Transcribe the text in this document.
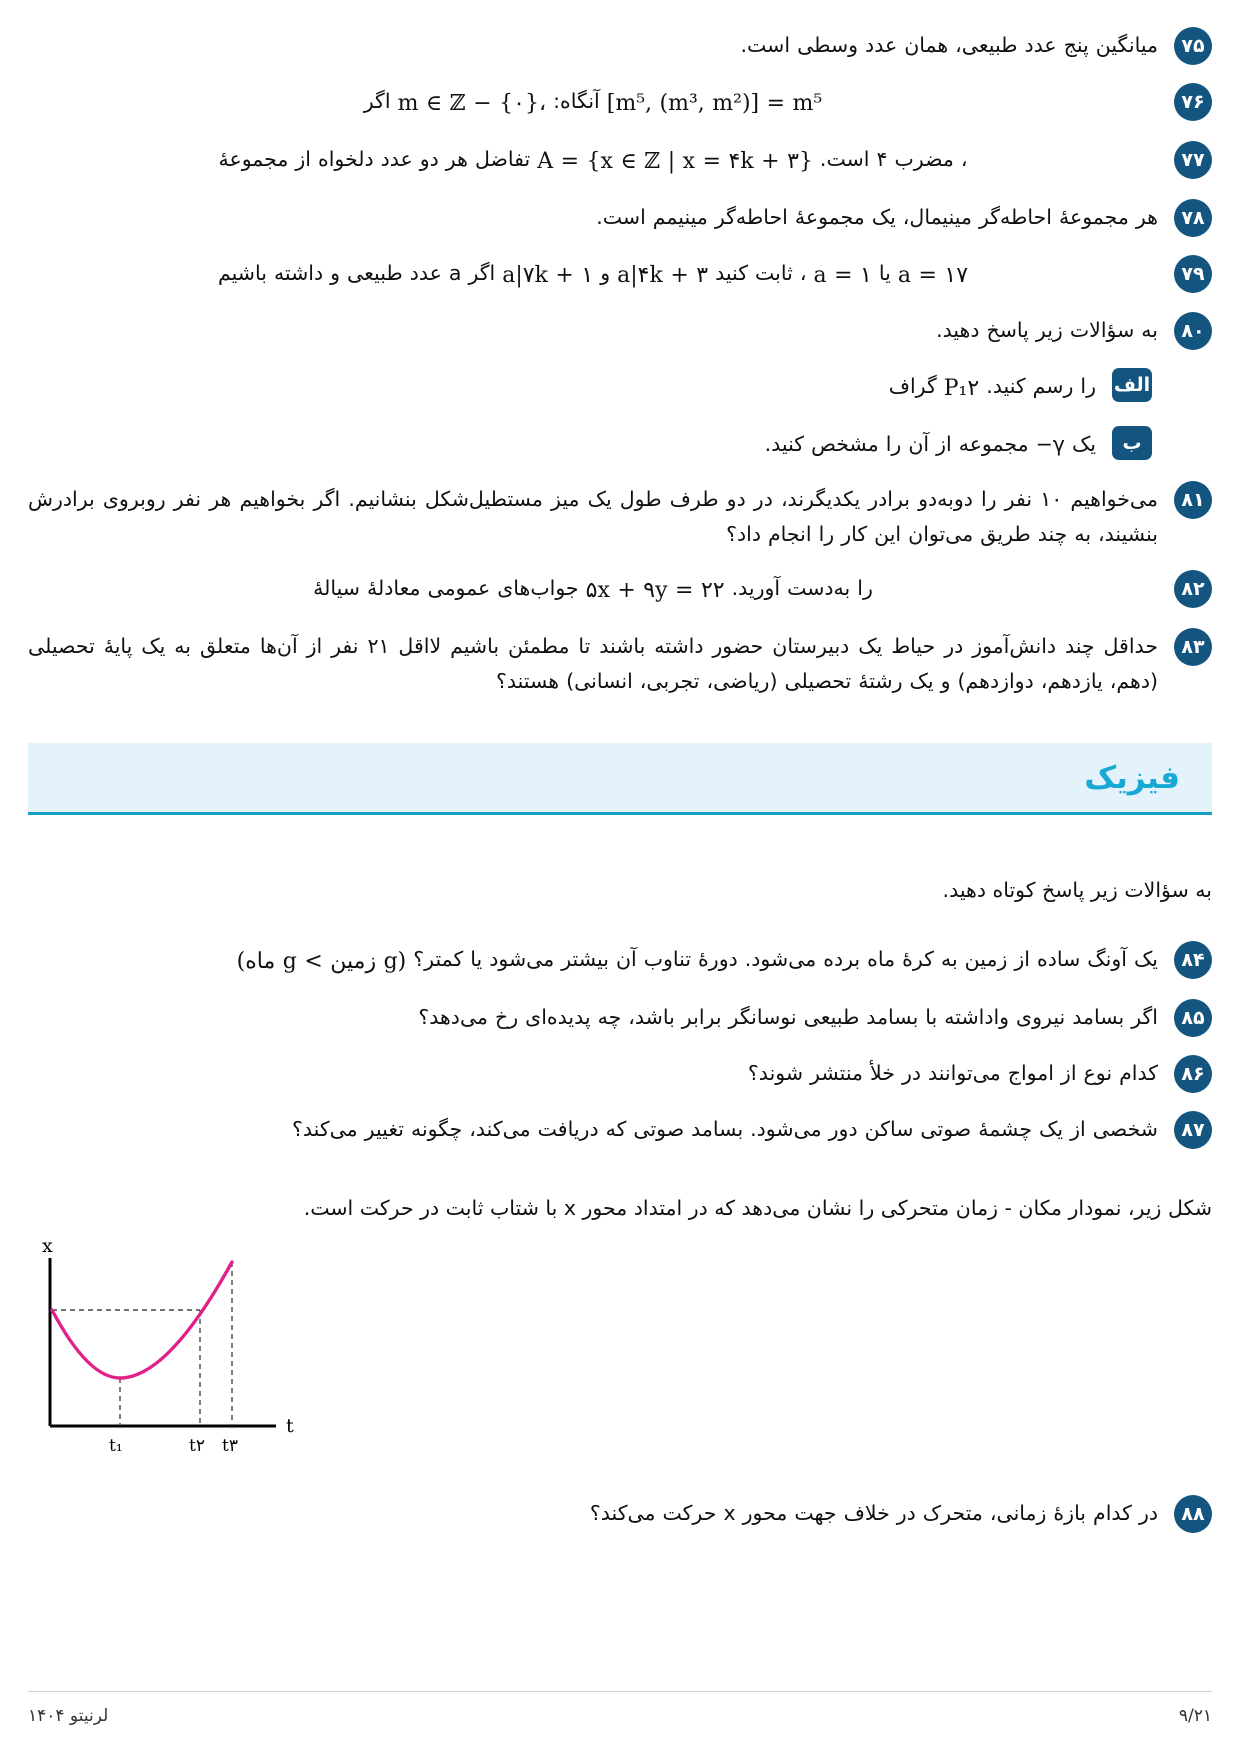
۷۵
میانگین پنج عدد طبیعی، همان عدد وسطی است.
۷۶
[m⁵, (m³, m²)] = m⁵ آنگاه: m ∈ ℤ − {۰}، اگر
۷۷
، مضرب ۴ است. A = {x ∈ ℤ | x = ۴k + ۳} تفاضل هر دو عدد دلخواه از مجموعهٔ
۷۸
هر مجموعهٔ احاطه‌گر مینیمال، یک مجموعهٔ احاطه‌گر مینیمم است.
۷۹
a = ۱۷ یا a = ۱ ، ثابت کنید a|۴k + ۳ و a|۷k + ۱ اگر a عدد طبیعی و داشته باشیم
۸۰
به سؤالات زیر پاسخ دهید.
الف
را رسم کنید. P₁۲ گراف
ب
یک γ− مجموعه از آن را مشخص کنید.
۸۱
می‌خواهیم ۱۰ نفر را دوبه‌دو برادر یکدیگرند، در دو طرف طول یک میز مستطیل‌شکل بنشانیم. اگر بخواهیم هر نفر روبروی برادرش بنشیند، به چند طریق می‌توان این کار را انجام داد؟
۸۲
را به‌دست آورید. ۵x + ۹y = ۲۲ جواب‌های عمومی معادلهٔ سیالهٔ
۸۳
حداقل چند دانش‌آموز در حیاط یک دبیرستان حضور داشته باشند تا مطمئن باشیم لااقل ۲۱ نفر از آن‌ها متعلق به یک پایهٔ تحصیلی (دهم، یازدهم، دوازدهم) و یک رشتهٔ تحصیلی (ریاضی، تجربی، انسانی) هستند؟
فیزیک

به سؤالات زیر پاسخ کوتاه دهید.

۸۴
یک آونگ ساده از زمین به کرهٔ ماه برده می‌شود. دورهٔ تناوب آن بیشتر می‌شود یا کمتر؟ (g زمین > g ماه)
۸۵
اگر بسامد نیروی واداشته با بسامد طبیعی نوسانگر برابر باشد، چه پدیده‌ای رخ می‌دهد؟
۸۶
کدام نوع از امواج می‌توانند در خلأ منتشر شوند؟
۸۷
شخصی از یک چشمهٔ صوتی ساکن دور می‌شود. بسامد صوتی که دریافت می‌کند، چگونه تغییر می‌کند؟

شکل زیر، نمودار مکان - زمان متحرکی را نشان می‌دهد که در امتداد محور x با شتاب ثابت در حرکت است.

x
t
t₁	t۲ t۳
۸۸
در کدام بازهٔ زمانی، متحرک در خلاف جهت محور x حرکت می‌کند؟
لرنیتو ۱۴۰۴	۹/۲۱
